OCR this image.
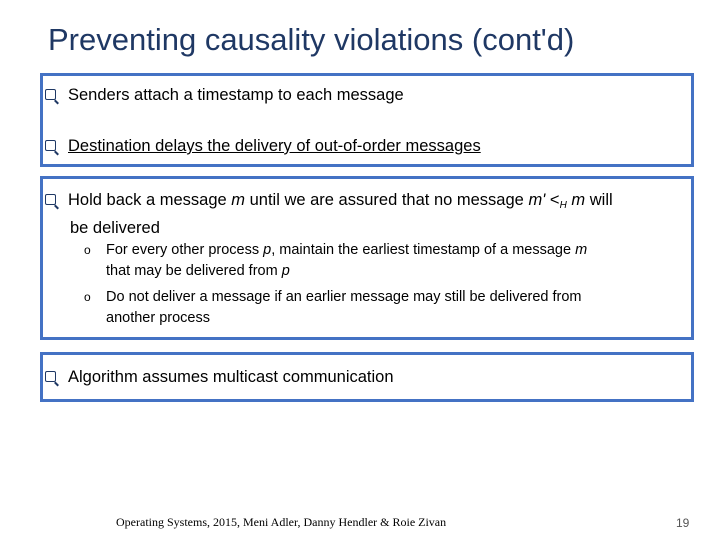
Preventing causality violations (cont'd)
Senders attach a timestamp to each message
Destination delays the delivery of out-of-order messages
Hold back a message m until we are assured that no message $m' <_H$ m will
be delivered
o For every other process p, maintain the earliest timestamp of a message m
that may be delivered from p
o Do not deliver a message if an earlier message may still be delivered from
another process
Algorithm assumes multicast communication
Operating Systems, 2015, Meni Adler, Danny Hendler & Roie Zivan	19
